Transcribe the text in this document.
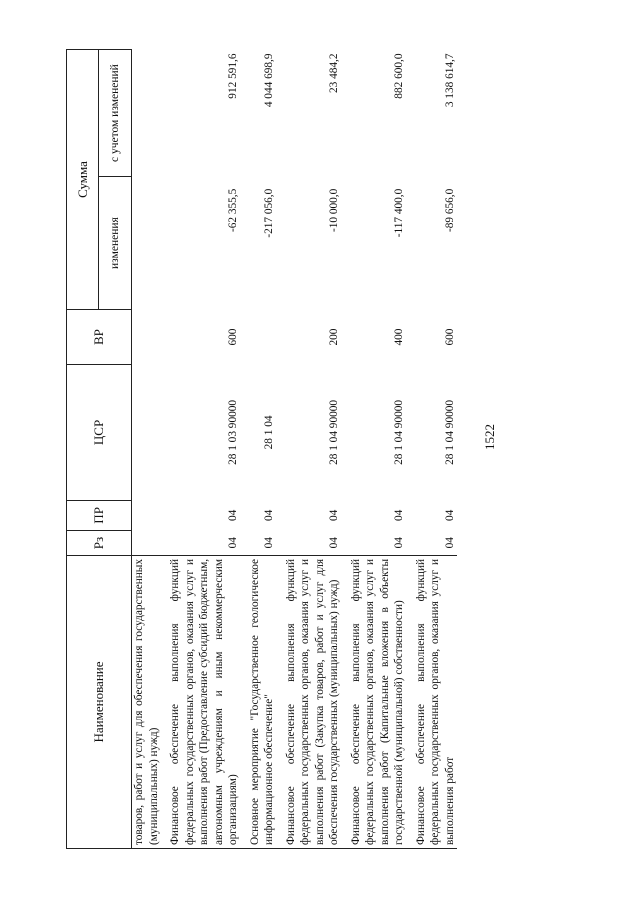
1522
Наименование	Рз	ПР	ЦСР	ВР	Сумма	
					изменения	с учетом изменений
товаров, работ и услуг для обеспечения государственных (муниципальных) нужд)						
Финансовое обеспечение выполнения функций федеральных государственных органов, оказания услуг и выполнения работ (Предоставление субсидий бюджетным, автономным учреждениям и иным некоммерческим организациям)	04	04	28 1 03 90000	600	-62 355,5	912 591,6
Основное мероприятие "Государственное геологическое информационное обеспечение"	04	04	28 1 04		-217 056,0	4 044 698,9
Финансовое обеспечение выполнения функций федеральных государственных органов, оказания услуг и выполнения работ (Закупка товаров, работ и услуг для обеспечения государственных (муниципальных) нужд)	04	04	28 1 04 90000	200	-10 000,0	23 484,2
Финансовое обеспечение выполнения функций федеральных государственных органов, оказания услуг и выполнения работ (Капитальные вложения в объекты государственной (муниципальной) собственности)	04	04	28 1 04 90000	400	-117 400,0	882 600,0
Финансовое обеспечение выполнения функций федеральных государственных органов, оказания услуг и выполнения работ	04	04	28 1 04 90000	600	-89 656,0	3 138 614,7
